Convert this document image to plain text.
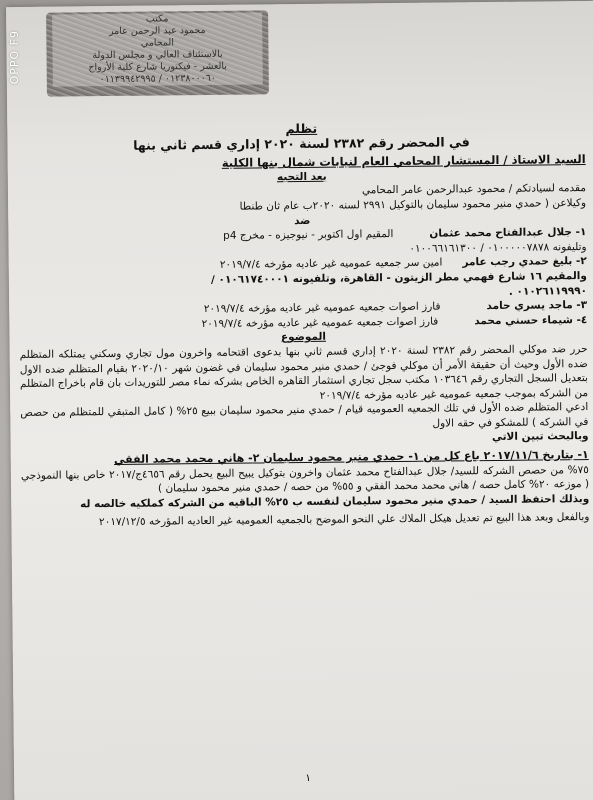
OPPO F9
مكتب
محمود عبد الرحمن عامر
المحامي
بالاستئناف العالي و مجلس الدولة
بالعشر - فيكتوريا شارع كلية الأرواح
٠١٢٣٨٠٠٠٦٠ / ٠١١٣٩٩٤٢٩٩٥

تظلم

في المحضر رقم ٢٣٨٢ لسنة ٢٠٢٠ إداري قسم ثاني بنها

السيد الاستاذ / المستشار المحامي العام لنيابات شمال بنها الكلية

بعد التحيه

مقدمه لسيادتكم / محمود عبدالرحمن عامر المحامي

وكيلاعن ( حمدي منير محمود سليمان بالتوكيل ٢٩٩١ لسنه ٢٠٢٠ب عام ثان طنطا

ضد

١- جلال عبدالفتاح محمد عثمان
المقيم اول اكتوبر - نيوجيزه - مخرج p4

وتليفونه ٠١٠٠٠٠٠٧٨٧٨ / ٠١٠٠٦٦١٦١٣٠٠

٢- بليغ حمدي رجب عامر
امين سر جمعيه عموميه غير عاديه مؤرخه ٢٠١٩/٧/٤

والمقيم ١٦ شارع فهمي مطر الزيتون - القاهرة، وتلفيونه ٠١٠٦١٧٤٠٠٠١ /

٠١٠٢٦١١٩٩٩٠ .

٣- ماجد يسري حامد
فارز اصوات جمعيه عموميه غير عاديه مؤرخه ٢٠١٩/٧/٤
٤- شيماء حسني محمد
فارز اصوات جمعيه عموميه غير عاديه مؤرخه ٢٠١٩/٧/٤

الموضوع

حرر ضد موكلي المحضر رقم ٢٣٨٢ لسنة ٢٠٢٠ إداري قسم ثاني بنها بدعوى اقتحامه واخرون مول تجاري وسكني يمتلكه المتظلم ضده الأول وحيث أن حقيقة الأمر أن موكلي فوجئ / حمدي منير محمود سليمان في غضون شهر ٢٠٢٠/١٠ بقيام المتظلم ضده الاول بتعديل السجل التجاري رقم ١٠٣٦٤٦ مكتب سجل تجاري استثمار القاهره الخاص بشركه نماء مصر للتوريدات بان قام باخراج المتظلم من الشركه بموجب جمعيه عموميه غير عاديه مؤرخه ٢٠١٩/٧/٤

ادعي المتظلم ضده الأول في تلك الجمعيه العموميه قيام / حمدي منير محمود سليمان ببيع ٢٥% ( كامل المتبقي للمتظلم من حصص في الشركه ) للمشكو في حقه الاول

وبالبحث تبين الاتي

١- بتاريخ ٢٠١٧/١١/٦ باع كل من ١- حمدي منير محمود سليمان ٢- هاني محمد محمد الفقي

٧٥% من حصص الشركه للسيد/ جلال عبدالفتاح محمد عثمان واخرون بتوكيل يبيح البيع يحمل رقم ٤٦٥٦ج/٢٠١٧ خاص بنها النموذجي ( موزعه ٢٠% كامل حصه / هاني محمد محمد الفقي و ٥٥% من حصه / حمدي منير محمود سليمان )

وبذلك احتفظ السيد / حمدي منير محمود سليمان لنفسه ب ٢٥% الباقيه من الشركه كملكيه خالصه له

وبالفعل وبعد هذا البيع تم تعديل هيكل الملاك علي النحو الموضح بالجمعيه العموميه غير العاديه المؤرخه ٢٠١٧/١٢/٥

١
